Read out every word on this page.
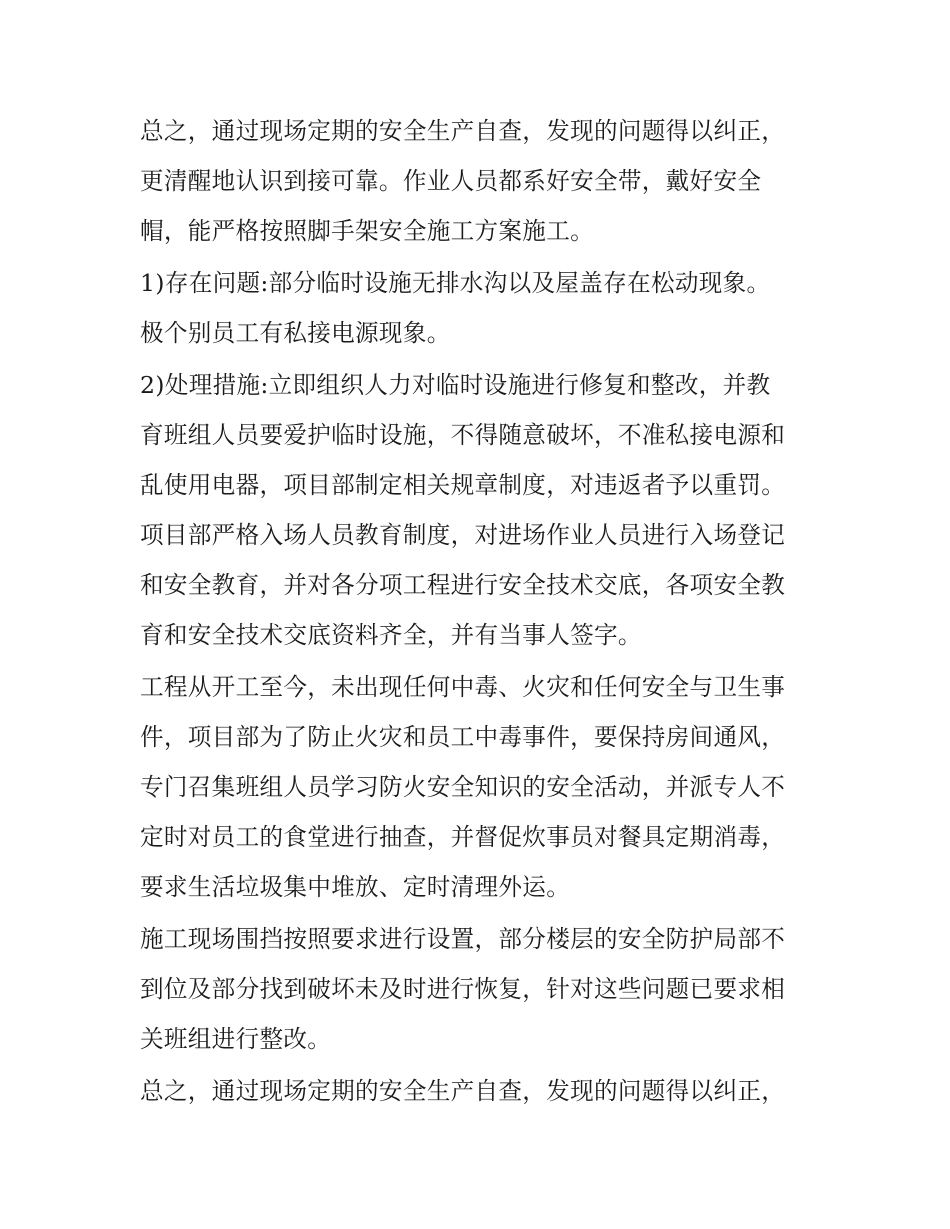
总之，通过现场定期的安全生产自查，发现的问题得以纠正，
更清醒地认识到接可靠。作业人员都系好安全带，戴好安全
帽，能严格按照脚手架安全施工方案施工。
1)存在问题:部分临时设施无排水沟以及屋盖存在松动现象。
极个别员工有私接电源现象。
2)处理措施:立即组织人力对临时设施进行修复和整改，并教
育班组人员要爱护临时设施，不得随意破坏，不准私接电源和
乱使用电器，项目部制定相关规章制度，对违返者予以重罚。
项目部严格入场人员教育制度，对进场作业人员进行入场登记
和安全教育，并对各分项工程进行安全技术交底，各项安全教
育和安全技术交底资料齐全，并有当事人签字。
工程从开工至今，未出现任何中毒、火灾和任何安全与卫生事
件，项目部为了防止火灾和员工中毒事件，要保持房间通风，
专门召集班组人员学习防火安全知识的安全活动，并派专人不
定时对员工的食堂进行抽查，并督促炊事员对餐具定期消毒，
要求生活垃圾集中堆放、定时清理外运。
施工现场围挡按照要求进行设置，部分楼层的安全防护局部不
到位及部分找到破坏未及时进行恢复，针对这些问题已要求相
关班组进行整改。
总之，通过现场定期的安全生产自查，发现的问题得以纠正，
